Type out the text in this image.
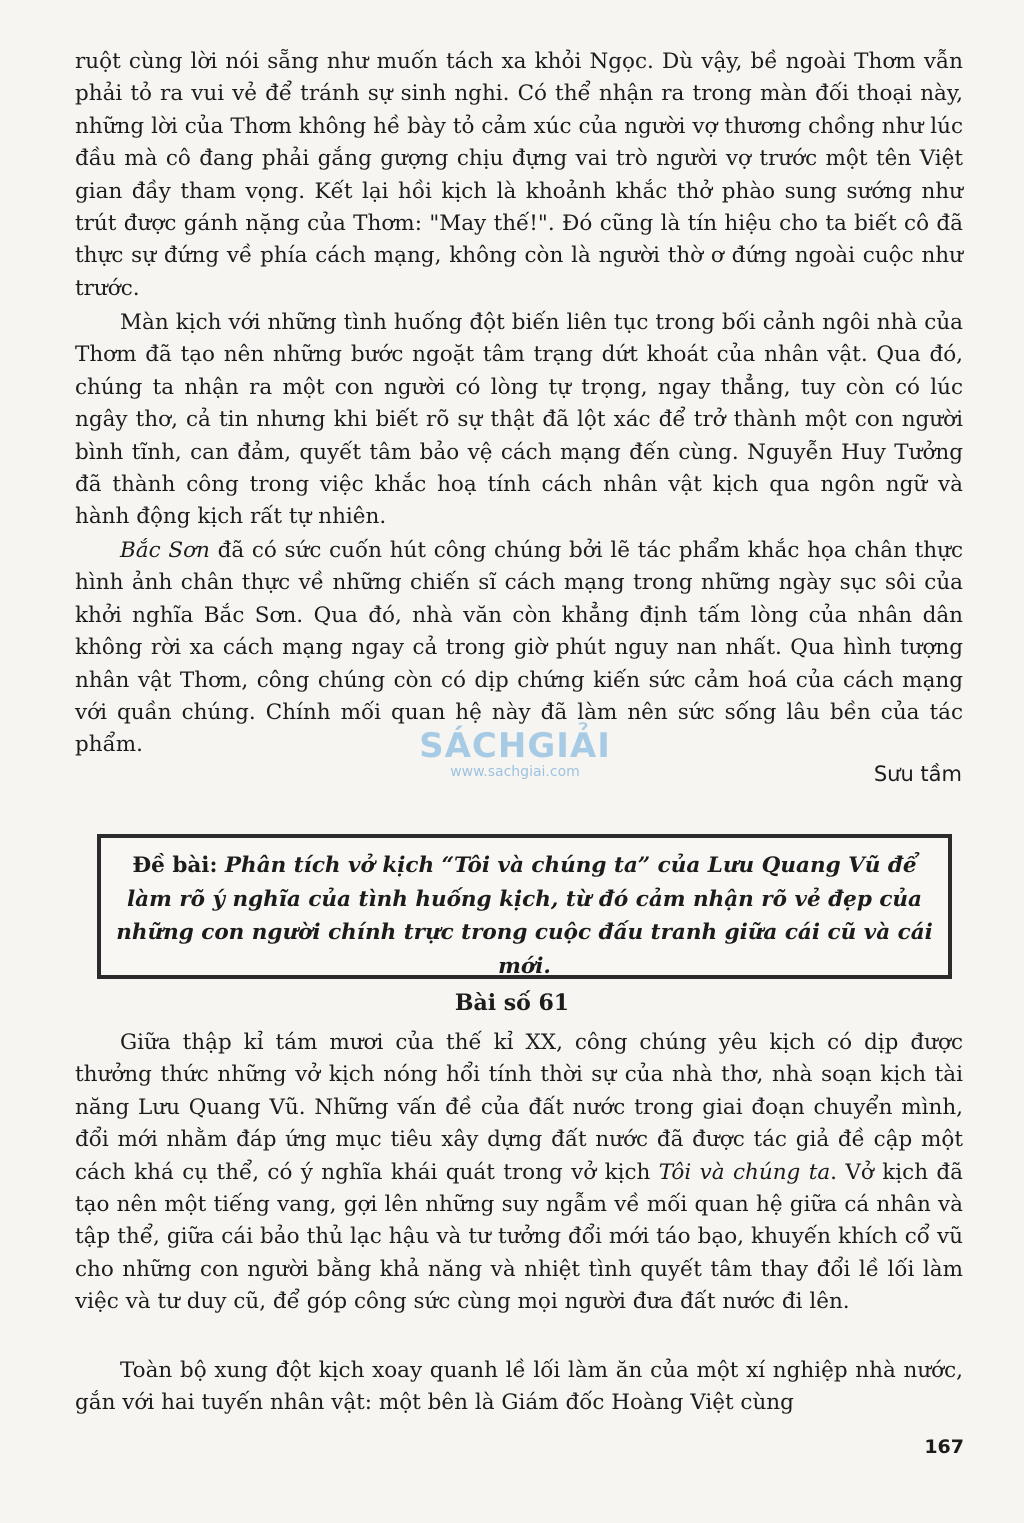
ruột cùng lời nói sẵng như muốn tách xa khỏi Ngọc. Dù vậy, bề ngoài Thơm vẫn phải tỏ ra vui vẻ để tránh sự sinh nghi. Có thể nhận ra trong màn đối thoại này, những lời của Thơm không hề bày tỏ cảm xúc của người vợ thương chồng như lúc đầu mà cô đang phải gắng gượng chịu đựng vai trò người vợ trước một tên Việt gian đầy tham vọng. Kết lại hồi kịch là khoảnh khắc thở phào sung sướng như trút được gánh nặng của Thơm: "May thế!". Đó cũng là tín hiệu cho ta biết cô đã thực sự đứng về phía cách mạng, không còn là người thờ ơ đứng ngoài cuộc như trước.

Màn kịch với những tình huống đột biến liên tục trong bối cảnh ngôi nhà của Thơm đã tạo nên những bước ngoặt tâm trạng dứt khoát của nhân vật. Qua đó, chúng ta nhận ra một con người có lòng tự trọng, ngay thẳng, tuy còn có lúc ngây thơ, cả tin nhưng khi biết rõ sự thật đã lột xác để trở thành một con người bình tĩnh, can đảm, quyết tâm bảo vệ cách mạng đến cùng. Nguyễn Huy Tưởng đã thành công trong việc khắc hoạ tính cách nhân vật kịch qua ngôn ngữ và hành động kịch rất tự nhiên.

Bắc Sơn đã có sức cuốn hút công chúng bởi lẽ tác phẩm khắc họa chân thực hình ảnh chân thực về những chiến sĩ cách mạng trong những ngày sục sôi của khởi nghĩa Bắc Sơn. Qua đó, nhà văn còn khẳng định tấm lòng của nhân dân không rời xa cách mạng ngay cả trong giờ phút nguy nan nhất. Qua hình tượng nhân vật Thơm, công chúng còn có dịp chứng kiến sức cảm hoá của cách mạng với quần chúng. Chính mối quan hệ này đã làm nên sức sống lâu bền của tác phẩm.

Sưu tầm
SÁCHGIẢI
www.sachgiai.com
Đề bài: Phân tích vở kịch “Tôi và chúng ta” của Lưu Quang Vũ để làm rõ ý nghĩa của tình huống kịch, từ đó cảm nhận rõ vẻ đẹp của những con người chính trực trong cuộc đấu tranh giữa cái cũ và cái mới.
Bài số 61

Giữa thập kỉ tám mươi của thế kỉ XX, công chúng yêu kịch có dịp được thưởng thức những vở kịch nóng hổi tính thời sự của nhà thơ, nhà soạn kịch tài năng Lưu Quang Vũ. Những vấn đề của đất nước trong giai đoạn chuyển mình, đổi mới nhằm đáp ứng mục tiêu xây dựng đất nước đã được tác giả đề cập một cách khá cụ thể, có ý nghĩa khái quát trong vở kịch Tôi và chúng ta. Vở kịch đã tạo nên một tiếng vang, gợi lên những suy ngẫm về mối quan hệ giữa cá nhân và tập thể, giữa cái bảo thủ lạc hậu và tư tưởng đổi mới táo bạo, khuyến khích cổ vũ cho những con người bằng khả năng và nhiệt tình quyết tâm thay đổi lề lối làm việc và tư duy cũ, để góp công sức cùng mọi người đưa đất nước đi lên.

Toàn bộ xung đột kịch xoay quanh lề lối làm ăn của một xí nghiệp nhà nước, gắn với hai tuyến nhân vật: một bên là Giám đốc Hoàng Việt cùng

167
